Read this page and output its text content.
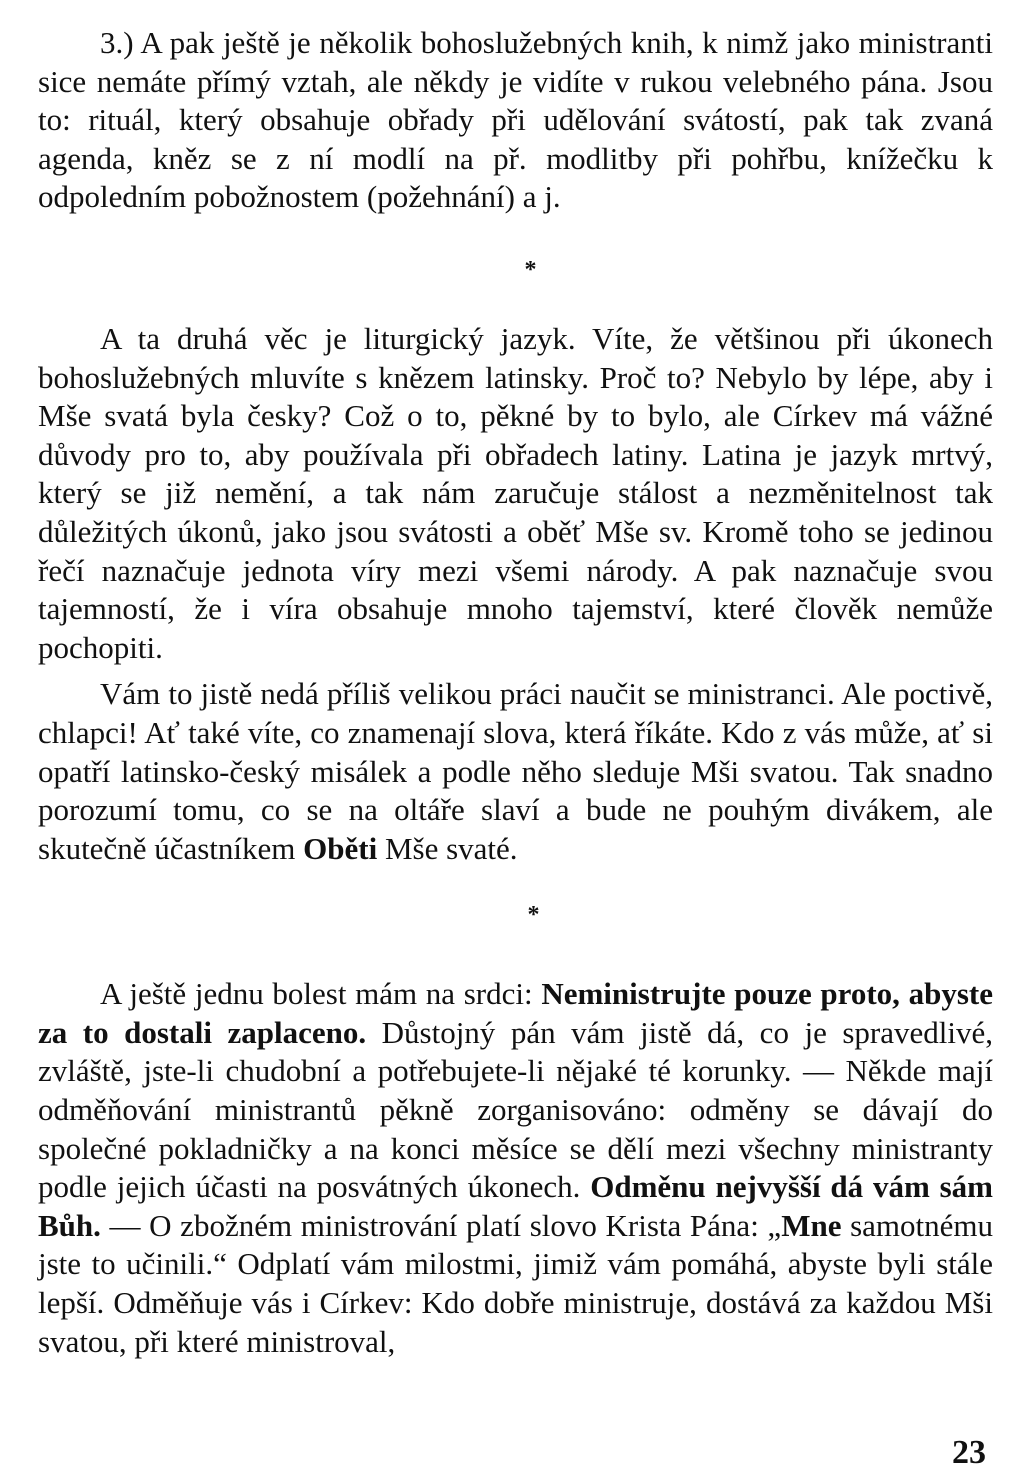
3.) A pak ještě je několik bohoslužebných knih, k nimž jako ministranti sice nemáte přímý vztah, ale někdy je vidíte v rukou velebného pána. Jsou to: rituál, který obsahuje obřady při udělování svátostí, pak tak zvaná agenda, kněz se z ní modlí na př. modlitby při pohřbu, knížečku k odpoledním pobožnostem (požehnání) a j.

*

A ta druhá věc je liturgický jazyk. Víte, že většinou při úkonech bohoslužebných mluvíte s knězem latinsky. Proč to? Nebylo by lépe, aby i Mše svatá byla česky? Což o to, pěkné by to bylo, ale Církev má vážné důvody pro to, aby používala při obřadech latiny. Latina je jazyk mrtvý, který se již nemění, a tak nám zaručuje stálost a nezměnitelnost tak důležitých úkonů, jako jsou svátosti a oběť Mše sv. Kromě toho se jedinou řečí naznačuje jednota víry mezi všemi národy. A pak naznačuje svou tajemností, že i víra obsahuje mnoho tajemství, které člověk nemůže pochopiti.

Vám to jistě nedá příliš velikou práci naučit se ministranci. Ale poctivě, chlapci! Ať také víte, co znamenají slova, která říkáte. Kdo z vás může, ať si opatří latinsko-český misálek a podle něho sleduje Mši svatou. Tak snadno porozumí tomu, co se na oltáře slaví a bude ne pouhým divákem, ale skutečně účastníkem Oběti Mše svaté.

*

A ještě jednu bolest mám na srdci: Neministrujte pouze proto, abyste za to dostali zaplaceno. Důstojný pán vám jistě dá, co je spravedlivé, zvláště, jste-li chudobní a potřebujete-li nějaké té korunky. — Někde mají odměňování ministrantů pěkně zorganisováno: odměny se dávají do společné pokladničky a na konci měsíce se dělí mezi všechny ministranty podle jejich účasti na posvátných úkonech. Odměnu nejvyšší dá vám sám Bůh. — O zbožném ministrování platí slovo Krista Pána: „Mne samotnému jste to učinili.“ Odplatí vám milostmi, jimiž vám pomáhá, abyste byli stále lepší. Odměňuje vás i Církev: Kdo dobře ministruje, dostává za každou Mši svatou, při které ministroval,

23
